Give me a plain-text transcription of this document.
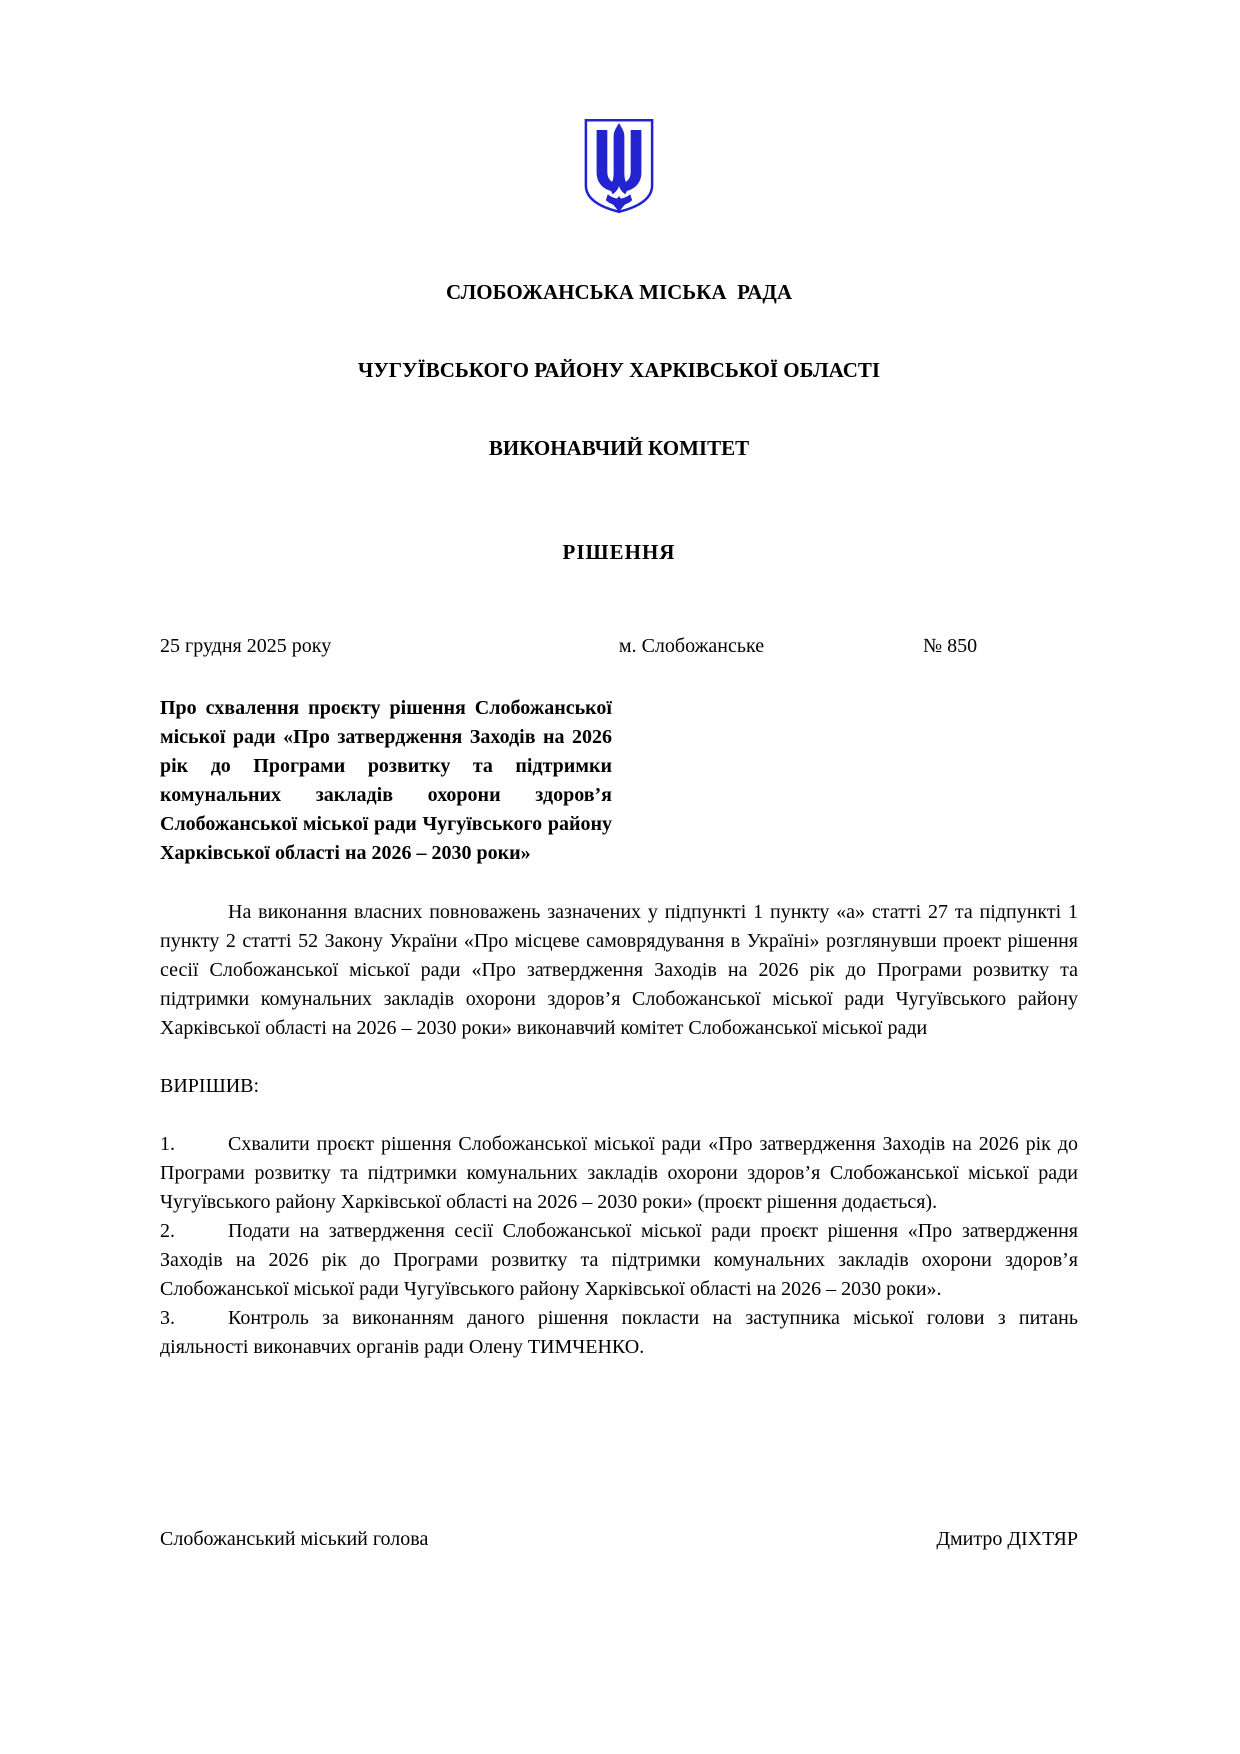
СЛОБОЖАНСЬКА МІСЬКА  РАДА

ЧУГУЇВСЬКОГО РАЙОНУ ХАРКІВСЬКОЇ ОБЛАСТІ

ВИКОНАВЧИЙ КОМІТЕТ

РІШЕННЯ
25 грудня 2025 року	м. Слобожанське	№ 850
Про схвалення проєкту рішення Слобожанської міської ради «Про затвердження Заходів на 2026 рік до Програми розвитку та підтримки комунальних закладів охорони здоров’я Слобожанської міської ради Чугуївського району Харківської області на 2026 – 2030 роки»

На виконання власних повноважень зазначених у підпункті 1 пункту «а» статті 27 та підпункті 1 пункту 2 статті 52 Закону України «Про місцеве самоврядування в Україні» розглянувши проект рішення сесії Слобожанської міської ради «Про затвердження Заходів на 2026 рік до Програми розвитку та підтримки комунальних закладів охорони здоров’я Слобожанської міської ради Чугуївського району Харківської області на 2026 – 2030 роки» виконавчий комітет Слобожанської міської ради

ВИРІШИВ:

1.	Схвалити проєкт рішення Слобожанської міської ради «Про затвердження Заходів на 2026 рік до Програми розвитку та підтримки комунальних закладів охорони здоров’я Слобожанської міської ради Чугуївського району Харківської області на 2026 – 2030 роки» (проєкт рішення додається).

2.	Подати на затвердження сесії Слобожанської міської ради проєкт рішення «Про затвердження Заходів на 2026 рік до Програми розвитку та підтримки комунальних закладів охорони здоров’я Слобожанської міської ради Чугуївського району Харківської області на 2026 – 2030 роки».

3.	Контроль за виконанням даного рішення покласти на заступника міської голови з питань діяльності виконавчих органів ради Олену ТИМЧЕНКО.

Слобожанський міський голова	Дмитро ДІХТЯР
